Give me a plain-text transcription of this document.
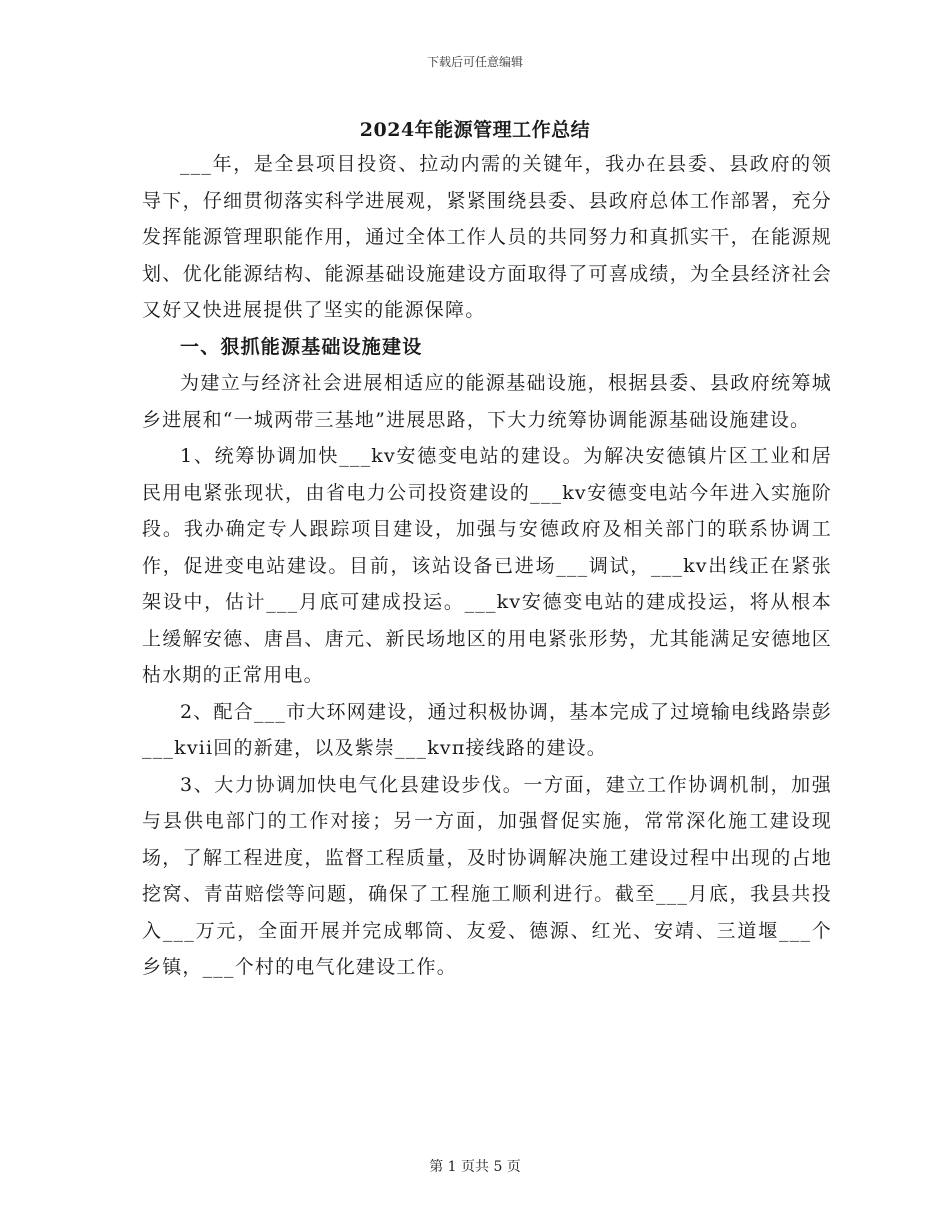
下载后可任意编辑
2024年能源管理工作总结

___年，是全县项目投资、拉动内需的关键年，我办在县委、县政府的领导下，仔细贯彻落实科学进展观，紧紧围绕县委、县政府总体工作部署，充分发挥能源管理职能作用，通过全体工作人员的共同努力和真抓实干，在能源规划、优化能源结构、能源基础设施建设方面取得了可喜成绩，为全县经济社会又好又快进展提供了坚实的能源保障。

一、狠抓能源基础设施建设

为建立与经济社会进展相适应的能源基础设施，根据县委、县政府统筹城乡进展和“一城两带三基地”进展思路，下大力统筹协调能源基础设施建设。

1、统筹协调加快___kv安德变电站的建设。为解决安德镇片区工业和居民用电紧张现状，由省电力公司投资建设的___kv安德变电站今年进入实施阶段。我办确定专人跟踪项目建设，加强与安德政府及相关部门的联系协调工作，促进变电站建设。目前，该站设备已进场___调试，___kv出线正在紧张架设中，估计___月底可建成投运。___kv安德变电站的建成投运，将从根本上缓解安德、唐昌、唐元、新民场地区的用电紧张形势，尤其能满足安德地区枯水期的正常用电。

2、配合___市大环网建设，通过积极协调，基本完成了过境输电线路崇彭___kvii回的新建，以及紫崇___kvπ接线路的建设。

3、大力协调加快电气化县建设步伐。一方面，建立工作协调机制，加强与县供电部门的工作对接；另一方面，加强督促实施，常常深化施工建设现场，了解工程进度，监督工程质量，及时协调解决施工建设过程中出现的占地挖窝、青苗赔偿等问题，确保了工程施工顺利进行。截至___月底，我县共投入___万元，全面开展并完成郫筒、友爱、德源、红光、安靖、三道堰___个乡镇，___个村的电气化建设工作。

第 1 页共 5 页
